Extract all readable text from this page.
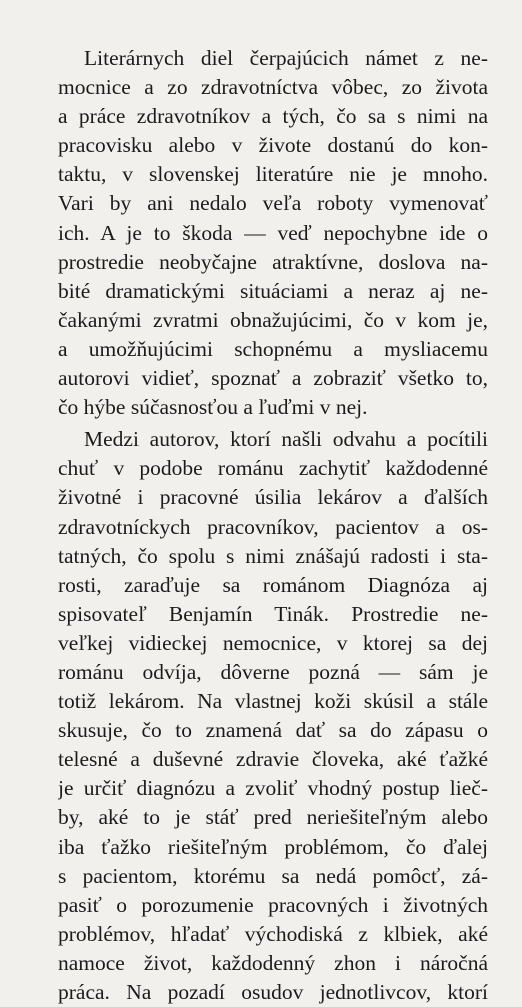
Literárnych diel čerpajúcich námet z ne-
mocnice a zo zdravotníctva vôbec, zo života
a práce zdravotníkov a tých, čo sa s nimi na
pracovisku alebo v živote dostanú do kon-
taktu, v slovenskej literatúre nie je mnoho.
Vari by ani nedalo veľa roboty vymenovať
ich. A je to škoda — veď nepochybne ide o
prostredie neobyčajne atraktívne, doslova na-
bité dramatickými situáciami a neraz aj ne-
čakanými zvratmi obnažujúcimi, čo v kom je,
a umožňujúcimi schopnému a mysliacemu
autorovi vidieť, spoznať a zobraziť všetko to,
čo hýbe súčasnosťou a ľuďmi v nej.
Medzi autorov, ktorí našli odvahu a pocítili
chuť v podobe románu zachytiť každodenné
životné i pracovné úsilia lekárov a ďalších
zdravotníckych pracovníkov, pacientov a os-
tatných, čo spolu s nimi znášajú radosti i sta-
rosti, zaraďuje sa románom Diagnóza aj
spisovateľ Benjamín Tinák. Prostredie ne-
veľkej vidieckej nemocnice, v ktorej sa dej
románu odvíja, dôverne pozná — sám je
totiž lekárom. Na vlastnej koži skúsil a stále
skusuje, čo to znamená dať sa do zápasu o
telesné a duševné zdravie človeka, aké ťažké
je určiť diagnózu a zvoliť vhodný postup lieč-
by, aké to je stáť pred neriešiteľným alebo
iba ťažko riešiteľným problémom, čo ďalej
s pacientom, ktorému sa nedá pomôcť, zá-
pasiť o porozumenie pracovných i životných
problémov, hľadať východiská z klbiek, aké
namoce život, každodenný zhon i náročná
práca. Na pozadí osudov jednotlivcov, ktorí
